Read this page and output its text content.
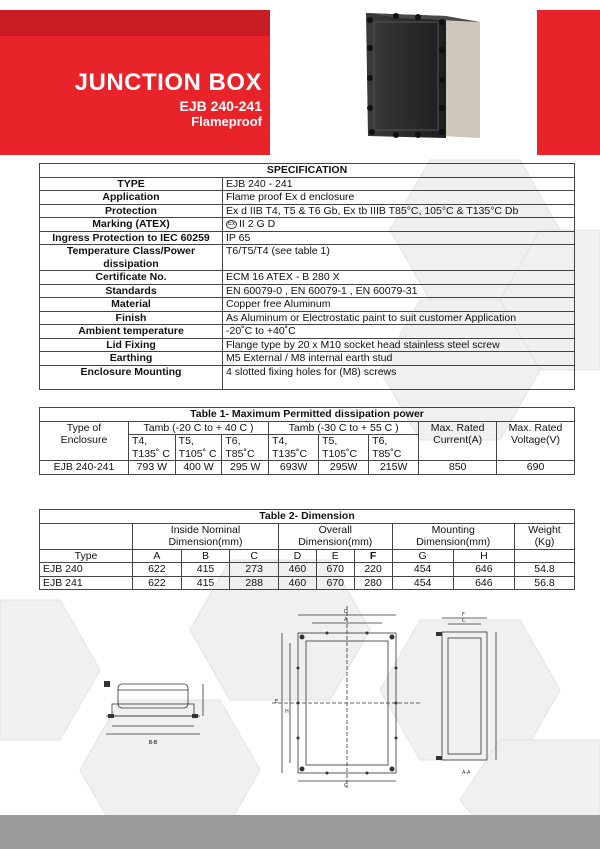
JUNCTION BOX
EJB 240-241
Flameproof
SPECIFICATION	
TYPE	EJB 240 - 241
Application	Flame proof Ex d enclosure
Protection	Ex d IIB T4, T5 & T6 Gb, Ex tb IIIB T85°C, 105°C & T135°C Db
Marking (ATEX)	Ex II 2 G D
Ingress Protection to IEC 60259	IP 65
Temperature Class/Power dissipation	T6/T5/T4 (see table 1)
Certificate No.	ECM 16 ATEX - B 280 X
Standards	EN 60079-0 , EN 60079-1 , EN 60079-31
Material	Copper free Aluminum
Finish	As Aluminum or Electrostatic paint to suit customer Application
Ambient temperature	-20˚C to +40˚C
Lid Fixing	Flange type by 20 x M10 socket head stainless steel screw
Earthing	M5 External / M8 internal earth stud
Enclosure Mounting	4 slotted fixing holes for (M8) screws
Table 1- Maximum Permitted dissipation power								
Type of Enclosure	Tamb (-20 C to + 40 C )			Tamb (-30 C to + 55 C )			Max. Rated Current(A)	Max. Rated Voltage(V)
	T4, T135˚ C	T5, T105˚ C	T6, T85˚C	T4, T135˚C	T5, T105˚C	T6, T85˚C		
EJB 240-241	793 W	400 W	295 W	693W	295W	215W	850	690
Table 2- Dimension									
	Inside Nominal Dimension(mm)			Overall Dimension(mm)			Mounting Dimension(mm)		Weight (Kg)
Type	A	B	C	D	E	F	G	H	
EJB 240	622	415	273	460	670	220	454	646	54.8
EJB 241	622	415	288	460	670	280	454	646	56.8
B-B
D
A
G
E
H
F
C
A-A
